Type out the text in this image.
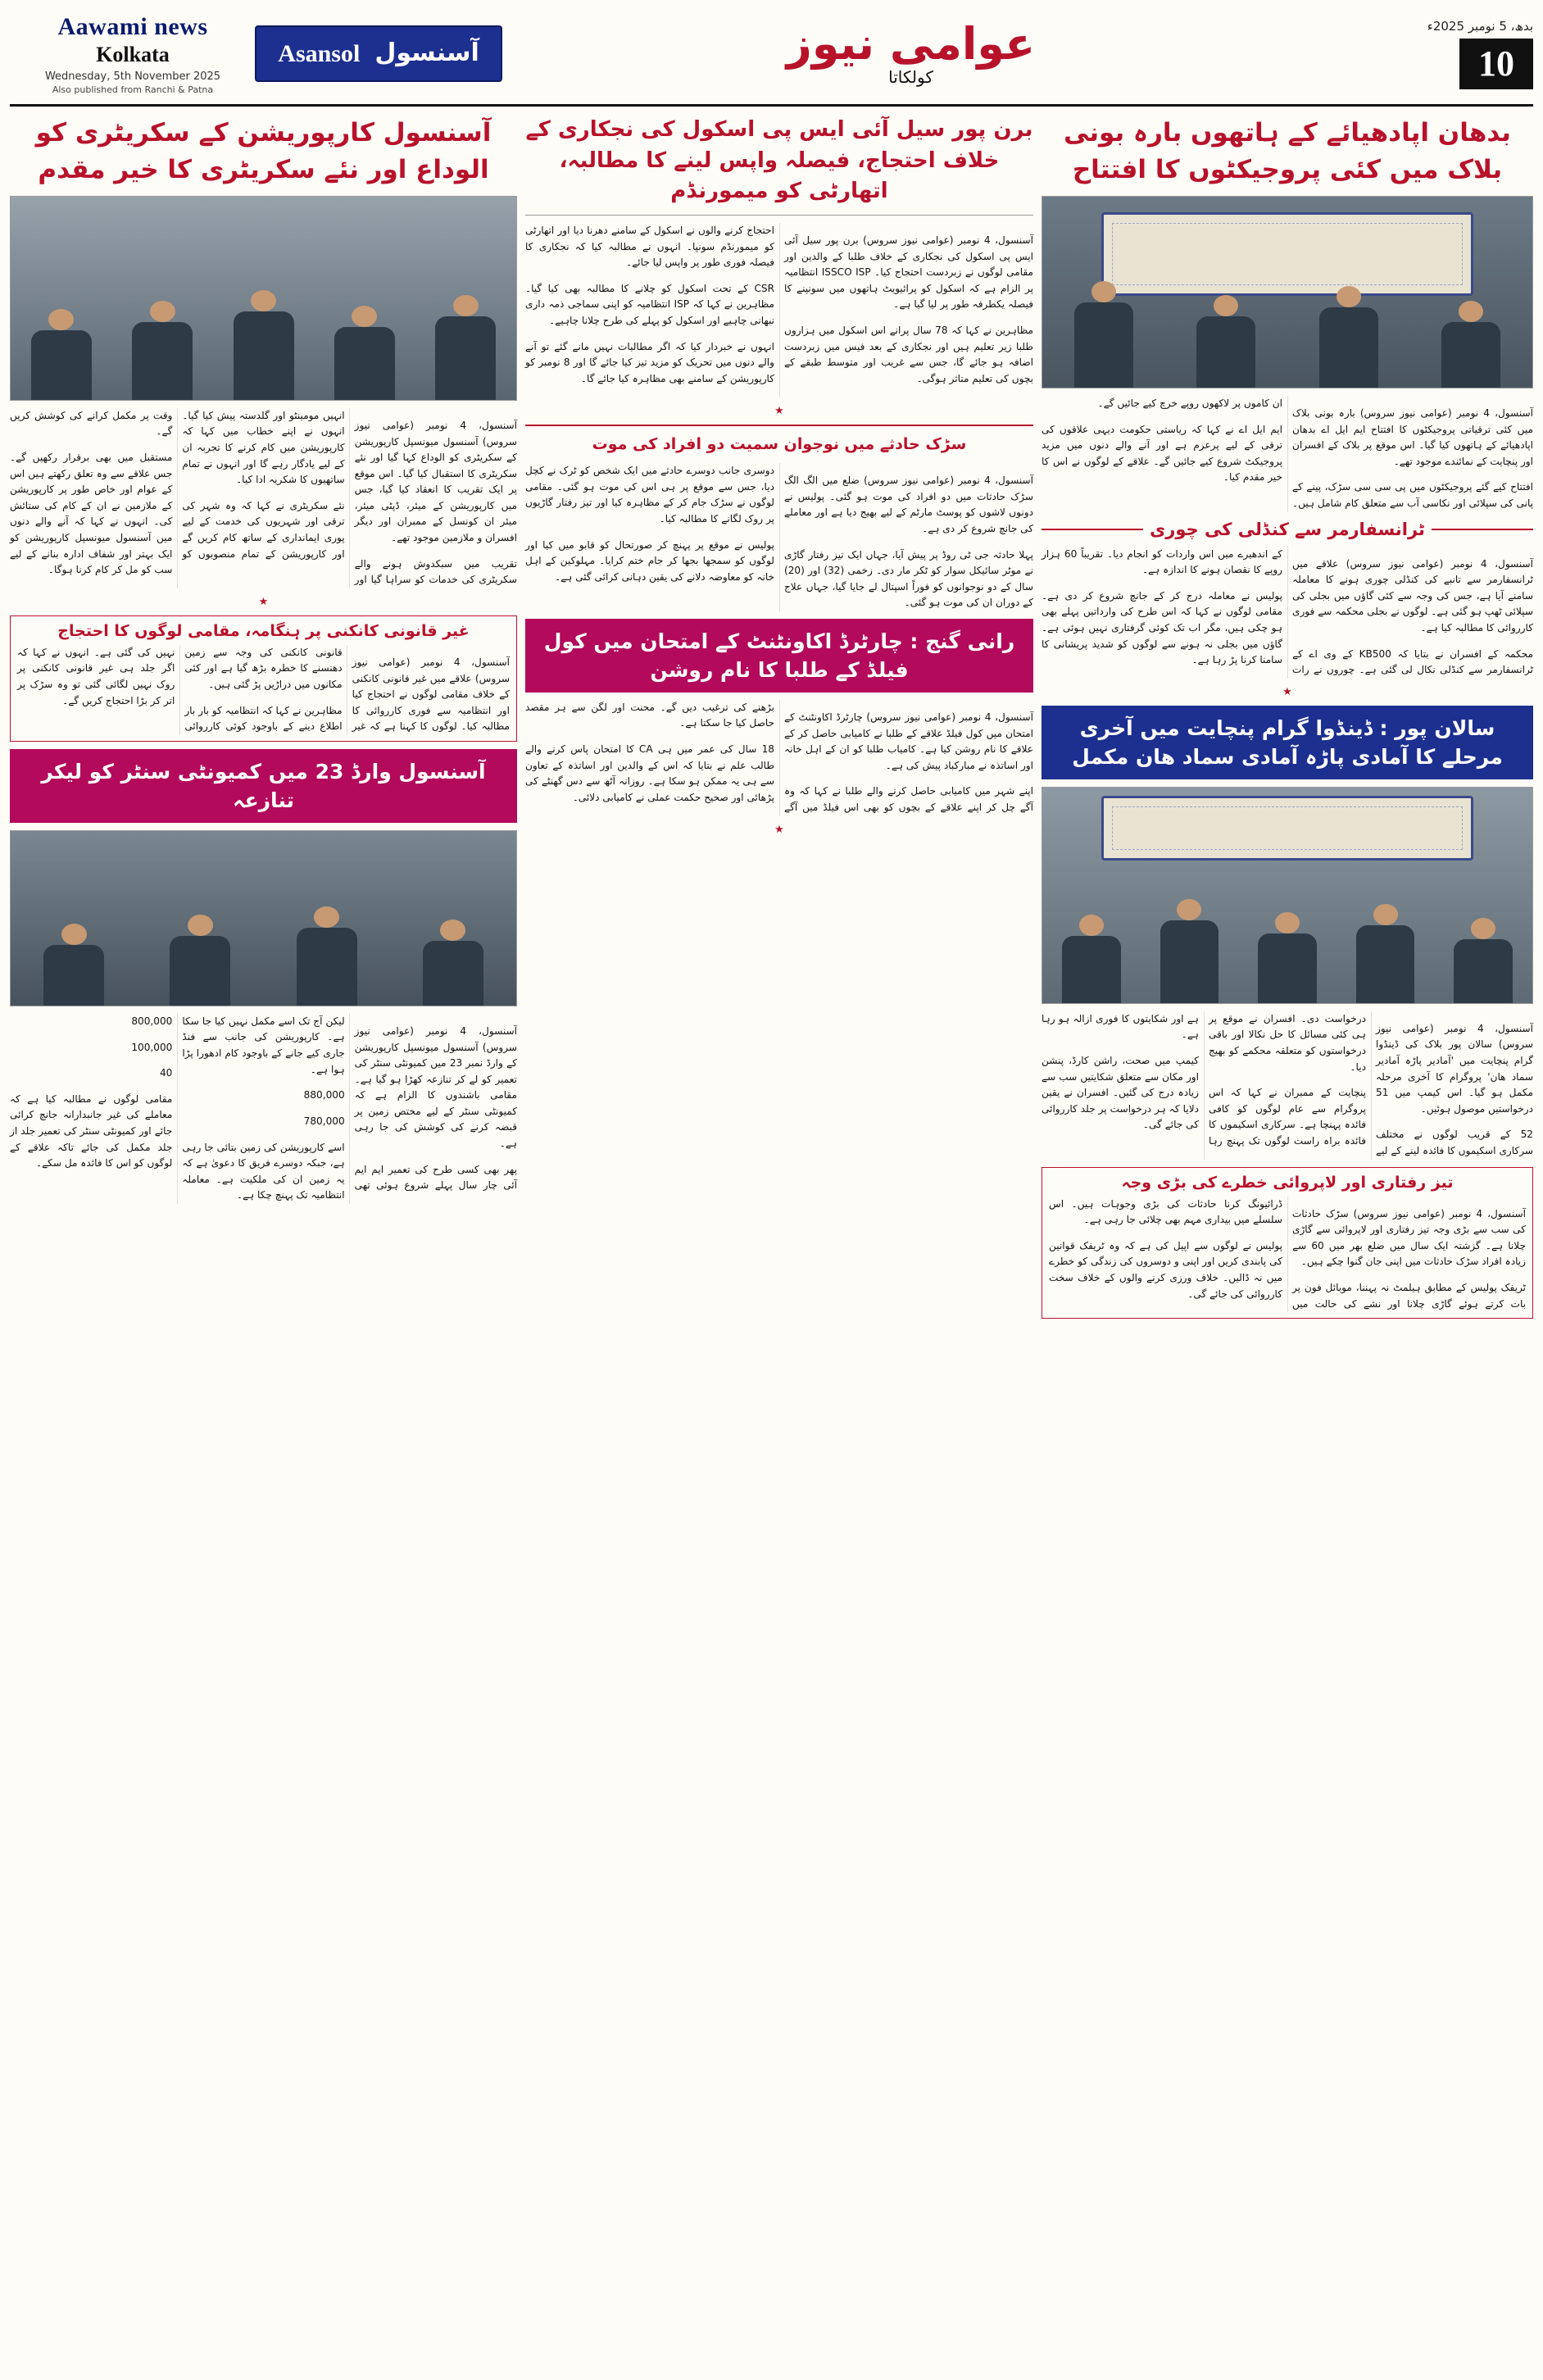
Aawami news
Kolkata
Wednesday, 5th November 2025
Also published from Ranchi & Patna
Asansol آسنسول	عوامی نیوز
کولکاتا
بدھ، 5 نومبر 2025ء
10
بدھان اپادھیائے کے ہاتھوں بارہ بونی بلاک میں کئی پروجیکٹوں کا افتتاح

آسنسول، 4 نومبر (عوامی نیوز سروس) بارہ بونی بلاک میں کئی ترقیاتی پروجیکٹوں کا افتتاح ایم ایل اے بدھان اپادھیائے کے ہاتھوں کیا گیا۔ اس موقع پر بلاک کے افسران اور پنچایت کے نمائندے موجود تھے۔

افتتاح کیے گئے پروجیکٹوں میں پی سی سی سڑک، پینے کے پانی کی سپلائی اور نکاسی آب سے متعلق کام شامل ہیں۔ ان کاموں پر لاکھوں روپے خرچ کیے جائیں گے۔

ایم ایل اے نے کہا کہ ریاستی حکومت دیہی علاقوں کی ترقی کے لیے پرعزم ہے اور آنے والے دنوں میں مزید پروجیکٹ شروع کیے جائیں گے۔ علاقے کے لوگوں نے اس کا خیر مقدم کیا۔

ٹرانسفارمر سے کنڈلی کی چوری

آسنسول، 4 نومبر (عوامی نیوز سروس) علاقے میں ٹرانسفارمر سے تانبے کی کنڈلی چوری ہونے کا معاملہ سامنے آیا ہے، جس کی وجہ سے کئی گاؤں میں بجلی کی سپلائی ٹھپ ہو گئی ہے۔ لوگوں نے بجلی محکمہ سے فوری کارروائی کا مطالبہ کیا ہے۔

محکمہ کے افسران نے بتایا کہ KB500 کے وی اے کے ٹرانسفارمر سے کنڈلی نکال لی گئی ہے۔ چوروں نے رات کے اندھیرے میں اس واردات کو انجام دیا۔ تقریباً 60 ہزار روپے کا نقصان ہونے کا اندازہ ہے۔

پولیس نے معاملہ درج کر کے جانچ شروع کر دی ہے۔ مقامی لوگوں نے کہا کہ اس طرح کی وارداتیں پہلے بھی ہو چکی ہیں، مگر اب تک کوئی گرفتاری نہیں ہوئی ہے۔ گاؤں میں بجلی نہ ہونے سے لوگوں کو شدید پریشانی کا سامنا کرنا پڑ رہا ہے۔

★
سالان پور : ڈینڈوا گرام پنچایت میں آخری مرحلے کا آمادی پاڑہ آمادی سماد ھان مکمل

آسنسول، 4 نومبر (عوامی نیوز سروس) سالان پور بلاک کی ڈینڈوا گرام پنچایت میں 'آمادیر پاڑہ آمادیر سماد ھان' پروگرام کا آخری مرحلہ مکمل ہو گیا۔ اس کیمپ میں 51 درخواستیں موصول ہوئیں۔

52 کے قریب لوگوں نے مختلف سرکاری اسکیموں کا فائدہ لینے کے لیے درخواست دی۔ افسران نے موقع پر ہی کئی مسائل کا حل نکالا اور باقی درخواستوں کو متعلقہ محکمے کو بھیج دیا۔

پنچایت کے ممبران نے کہا کہ اس پروگرام سے عام لوگوں کو کافی فائدہ پہنچا ہے۔ سرکاری اسکیموں کا فائدہ براہ راست لوگوں تک پہنچ رہا ہے اور شکایتوں کا فوری ازالہ ہو رہا ہے۔

کیمپ میں صحت، راشن کارڈ، پنشن اور مکان سے متعلق شکایتیں سب سے زیادہ درج کی گئیں۔ افسران نے یقین دلایا کہ ہر درخواست پر جلد کارروائی کی جائے گی۔

تیز رفتاری اور لاپروائی خطرے کی بڑی وجہ

آسنسول، 4 نومبر (عوامی نیوز سروس) سڑک حادثات کی سب سے بڑی وجہ تیز رفتاری اور لاپروائی سے گاڑی چلانا ہے۔ گزشتہ ایک سال میں ضلع بھر میں 60 سے زیادہ افراد سڑک حادثات میں اپنی جان گنوا چکے ہیں۔

ٹریفک پولیس کے مطابق ہیلمٹ نہ پہننا، موبائل فون پر بات کرتے ہوئے گاڑی چلانا اور نشے کی حالت میں ڈرائیونگ کرنا حادثات کی بڑی وجوہات ہیں۔ اس سلسلے میں بیداری مہم بھی چلائی جا رہی ہے۔

پولیس نے لوگوں سے اپیل کی ہے کہ وہ ٹریفک قوانین کی پابندی کریں اور اپنی و دوسروں کی زندگی کو خطرے میں نہ ڈالیں۔ خلاف ورزی کرنے والوں کے خلاف سخت کارروائی کی جائے گی۔

برن پور سیل آئی ایس پی اسکول کی نجکاری کے خلاف احتجاج، فیصلہ واپس لینے کا مطالبہ، اتھارٹی کو میمورنڈم

آسنسول، 4 نومبر (عوامی نیوز سروس) برن پور سیل آئی ایس پی اسکول کی نجکاری کے خلاف طلبا کے والدین اور مقامی لوگوں نے زبردست احتجاج کیا۔ ISSCO ISP انتظامیہ پر الزام ہے کہ اسکول کو پرائیویٹ ہاتھوں میں سونپنے کا فیصلہ یکطرفہ طور پر لیا گیا ہے۔

مظاہرین نے کہا کہ 78 سال پرانے اس اسکول میں ہزاروں طلبا زیر تعلیم ہیں اور نجکاری کے بعد فیس میں زبردست اضافہ ہو جائے گا، جس سے غریب اور متوسط طبقے کے بچوں کی تعلیم متاثر ہوگی۔

احتجاج کرنے والوں نے اسکول کے سامنے دھرنا دیا اور اتھارٹی کو میمورنڈم سونپا۔ انہوں نے مطالبہ کیا کہ نجکاری کا فیصلہ فوری طور پر واپس لیا جائے۔

CSR کے تحت اسکول کو چلانے کا مطالبہ بھی کیا گیا۔ مظاہرین نے کہا کہ ISP انتظامیہ کو اپنی سماجی ذمہ داری نبھانی چاہیے اور اسکول کو پہلے کی طرح چلانا چاہیے۔

انہوں نے خبردار کیا کہ اگر مطالبات نہیں مانے گئے تو آنے والے دنوں میں تحریک کو مزید تیز کیا جائے گا اور 8 نومبر کو کارپوریشن کے سامنے بھی مظاہرہ کیا جائے گا۔

★
سڑک حادثے میں نوجوان سمیت دو افراد کی موت

آسنسول، 4 نومبر (عوامی نیوز سروس) ضلع میں الگ الگ سڑک حادثات میں دو افراد کی موت ہو گئی۔ پولیس نے دونوں لاشوں کو پوسٹ مارٹم کے لیے بھیج دیا ہے اور معاملے کی جانچ شروع کر دی ہے۔

پہلا حادثہ جی ٹی روڈ پر پیش آیا، جہاں ایک تیز رفتار گاڑی نے موٹر سائیکل سوار کو ٹکر مار دی۔ زخمی (32) اور (20) سال کے دو نوجوانوں کو فوراً اسپتال لے جایا گیا، جہاں علاج کے دوران ان کی موت ہو گئی۔

دوسری جانب دوسرے حادثے میں ایک شخص کو ٹرک نے کچل دیا، جس سے موقع پر ہی اس کی موت ہو گئی۔ مقامی لوگوں نے سڑک جام کر کے مظاہرہ کیا اور تیز رفتار گاڑیوں پر روک لگانے کا مطالبہ کیا۔

پولیس نے موقع پر پہنچ کر صورتحال کو قابو میں کیا اور لوگوں کو سمجھا بجھا کر جام ختم کرایا۔ مہلوکین کے اہل خانہ کو معاوضہ دلانے کی یقین دہانی کرائی گئی ہے۔

رانی گنج : چارٹرڈ اکاونٹنٹ کے امتحان میں کول فیلڈ کے طلبا کا نام روشن

آسنسول، 4 نومبر (عوامی نیوز سروس) چارٹرڈ اکاونٹنٹ کے امتحان میں کول فیلڈ علاقے کے طلبا نے کامیابی حاصل کر کے علاقے کا نام روشن کیا ہے۔ کامیاب طلبا کو ان کے اہل خانہ اور اساتذہ نے مبارکباد پیش کی ہے۔

اپنے شہر میں کامیابی حاصل کرنے والے طلبا نے کہا کہ وہ آگے چل کر اپنے علاقے کے بچوں کو بھی اس فیلڈ میں آگے بڑھنے کی ترغیب دیں گے۔ محنت اور لگن سے ہر مقصد حاصل کیا جا سکتا ہے۔

18 سال کی عمر میں ہی CA کا امتحان پاس کرنے والے طالب علم نے بتایا کہ اس کے والدین اور اساتذہ کے تعاون سے ہی یہ ممکن ہو سکا ہے۔ روزانہ آٹھ سے دس گھنٹے کی پڑھائی اور صحیح حکمت عملی نے کامیابی دلائی۔

★
آسنسول کارپوریشن کے سکریٹری کو الوداع اور نئے سکریٹری کا خیر مقدم

آسنسول، 4 نومبر (عوامی نیوز سروس) آسنسول میونسپل کارپوریشن کے سکریٹری کو الوداع کہا گیا اور نئے سکریٹری کا استقبال کیا گیا۔ اس موقع پر ایک تقریب کا انعقاد کیا گیا، جس میں کارپوریشن کے میئر، ڈپٹی میئر، میئر ان کونسل کے ممبران اور دیگر افسران و ملازمین موجود تھے۔

تقریب میں سبکدوش ہونے والے سکریٹری کی خدمات کو سراہا گیا اور انہیں مومینٹو اور گلدستہ پیش کیا گیا۔ انہوں نے اپنے خطاب میں کہا کہ کارپوریشن میں کام کرنے کا تجربہ ان کے لیے یادگار رہے گا اور انہوں نے تمام ساتھیوں کا شکریہ ادا کیا۔

نئے سکریٹری نے کہا کہ وہ شہر کی ترقی اور شہریوں کی خدمت کے لیے پوری ایمانداری کے ساتھ کام کریں گے اور کارپوریشن کے تمام منصوبوں کو وقت پر مکمل کرانے کی کوشش کریں گے۔

مستقبل میں بھی برقرار رکھیں گے۔ جس علاقے سے وہ تعلق رکھتے ہیں اس کے عوام اور خاص طور پر کارپوریشن کے ملازمین نے ان کے کام کی ستائش کی۔ انہوں نے کہا کہ آنے والے دنوں میں آسنسول میونسپل کارپوریشن کو ایک بہتر اور شفاف ادارہ بنانے کے لیے سب کو مل کر کام کرنا ہوگا۔

★
غیر قانونی کانکنی پر ہنگامہ، مقامی لوگوں کا احتجاج

آسنسول، 4 نومبر (عوامی نیوز سروس) علاقے میں غیر قانونی کانکنی کے خلاف مقامی لوگوں نے احتجاج کیا اور انتظامیہ سے فوری کارروائی کا مطالبہ کیا۔ لوگوں کا کہنا ہے کہ غیر قانونی کانکنی کی وجہ سے زمین دھنسنے کا خطرہ بڑھ گیا ہے اور کئی مکانوں میں دراڑیں پڑ گئی ہیں۔

مظاہرین نے کہا کہ انتظامیہ کو بار بار اطلاع دینے کے باوجود کوئی کارروائی نہیں کی گئی ہے۔ انہوں نے کہا کہ اگر جلد ہی غیر قانونی کانکنی پر روک نہیں لگائی گئی تو وہ سڑک پر اتر کر بڑا احتجاج کریں گے۔

آسنسول وارڈ 23 میں کمیونٹی سنٹر کو لیکر تنازعہ

آسنسول، 4 نومبر (عوامی نیوز سروس) آسنسول میونسپل کارپوریشن کے وارڈ نمبر 23 میں کمیونٹی سنٹر کی تعمیر کو لے کر تنازعہ کھڑا ہو گیا ہے۔ مقامی باشندوں کا الزام ہے کہ کمیونٹی سنٹر کے لیے مختص زمین پر قبضہ کرنے کی کوشش کی جا رہی ہے۔

پھر بھی کسی طرح کی تعمیر ایم ایم آئی چار سال پہلے شروع ہوئی تھی لیکن آج تک اسے مکمل نہیں کیا جا سکا ہے۔ کارپوریشن کی جانب سے فنڈ جاری کیے جانے کے باوجود کام ادھورا پڑا ہوا ہے۔

880,000

780,000

اسے کارپوریشن کی زمین بتائی جا رہی ہے، جبکہ دوسرے فریق کا دعویٰ ہے کہ یہ زمین ان کی ملکیت ہے۔ معاملہ انتظامیہ تک پہنچ چکا ہے۔

800,000

100,000

40

مقامی لوگوں نے مطالبہ کیا ہے کہ معاملے کی غیر جانبدارانہ جانچ کرائی جائے اور کمیونٹی سنٹر کی تعمیر جلد از جلد مکمل کی جائے تاکہ علاقے کے لوگوں کو اس کا فائدہ مل سکے۔
